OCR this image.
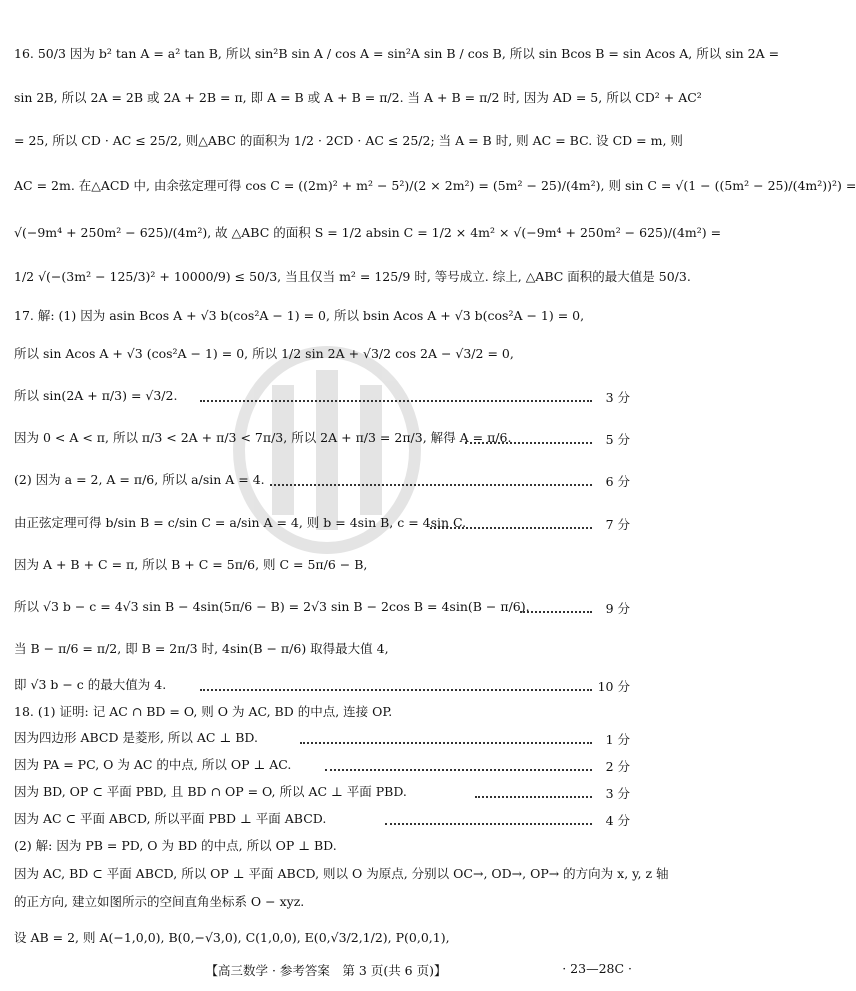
16. 50/3 因为 b² tan A = a² tan B, 所以 sin²B sin A / cos A = sin²A sin B / cos B, 所以 sin Bcos B = sin Acos A, 所以 sin 2A =
sin 2B, 所以 2A = 2B 或 2A + 2B = π, 即 A = B 或 A + B = π/2. 当 A + B = π/2 时, 因为 AD = 5, 所以 CD² + AC²
= 25, 所以 CD · AC ≤ 25/2, 则△ABC 的面积为 1/2 · 2CD · AC ≤ 25/2; 当 A = B 时, 则 AC = BC. 设 CD = m, 则
AC = 2m. 在△ACD 中, 由余弦定理可得 cos C = ((2m)² + m² − 5²)/(2 × 2m²) = (5m² − 25)/(4m²), 则 sin C = √(1 − ((5m² − 25)/(4m²))²) =
√(−9m⁴ + 250m² − 625)/(4m²), 故 △ABC 的面积 S = 1/2 absin C = 1/2 × 4m² × √(−9m⁴ + 250m² − 625)/(4m²) =
1/2 √(−(3m² − 125/3)² + 10000/9) ≤ 50/3, 当且仅当 m² = 125/9 时, 等号成立. 综上, △ABC 面积的最大值是 50/3.
17. 解: (1) 因为 asin Bcos A + √3 b(cos²A − 1) = 0, 所以 bsin Acos A + √3 b(cos²A − 1) = 0,
所以 sin Acos A + √3 (cos²A − 1) = 0, 所以 1/2 sin 2A + √3/2 cos 2A − √3/2 = 0,
所以 sin(2A + π/3) = √3/2.	3 分
因为 0 < A < π, 所以 π/3 < 2A + π/3 < 7π/3, 所以 2A + π/3 = 2π/3, 解得 A = π/6.	5 分
(2) 因为 a = 2, A = π/6, 所以 a/sin A = 4.	6 分
由正弦定理可得 b/sin B = c/sin C = a/sin A = 4, 则 b = 4sin B, c = 4sin C.	7 分
因为 A + B + C = π, 所以 B + C = 5π/6, 则 C = 5π/6 − B,
所以 √3 b − c = 4√3 sin B − 4sin(5π/6 − B) = 2√3 sin B − 2cos B = 4sin(B − π/6).	9 分
当 B − π/6 = π/2, 即 B = 2π/3 时, 4sin(B − π/6) 取得最大值 4,
即 √3 b − c 的最大值为 4.	10 分
18. (1) 证明: 记 AC ∩ BD = O, 则 O 为 AC, BD 的中点, 连接 OP.
因为四边形 ABCD 是菱形, 所以 AC ⊥ BD.	1 分
因为 PA = PC, O 为 AC 的中点, 所以 OP ⊥ AC.	2 分
因为 BD, OP ⊂ 平面 PBD, 且 BD ∩ OP = O, 所以 AC ⊥ 平面 PBD.	3 分
因为 AC ⊂ 平面 ABCD, 所以平面 PBD ⊥ 平面 ABCD.	4 分
(2) 解: 因为 PB = PD, O 为 BD 的中点, 所以 OP ⊥ BD.
因为 AC, BD ⊂ 平面 ABCD, 所以 OP ⊥ 平面 ABCD, 则以 O 为原点, 分别以 OC→, OD→, OP→ 的方向为 x, y, z 轴
的正方向, 建立如图所示的空间直角坐标系 O − xyz.
设 AB = 2, 则 A(−1,0,0), B(0,−√3,0), C(1,0,0), E(0,√3/2,1/2), P(0,0,1),
【高三数学 · 参考答案　第 3 页(共 6 页)】	· 23—28C ·
